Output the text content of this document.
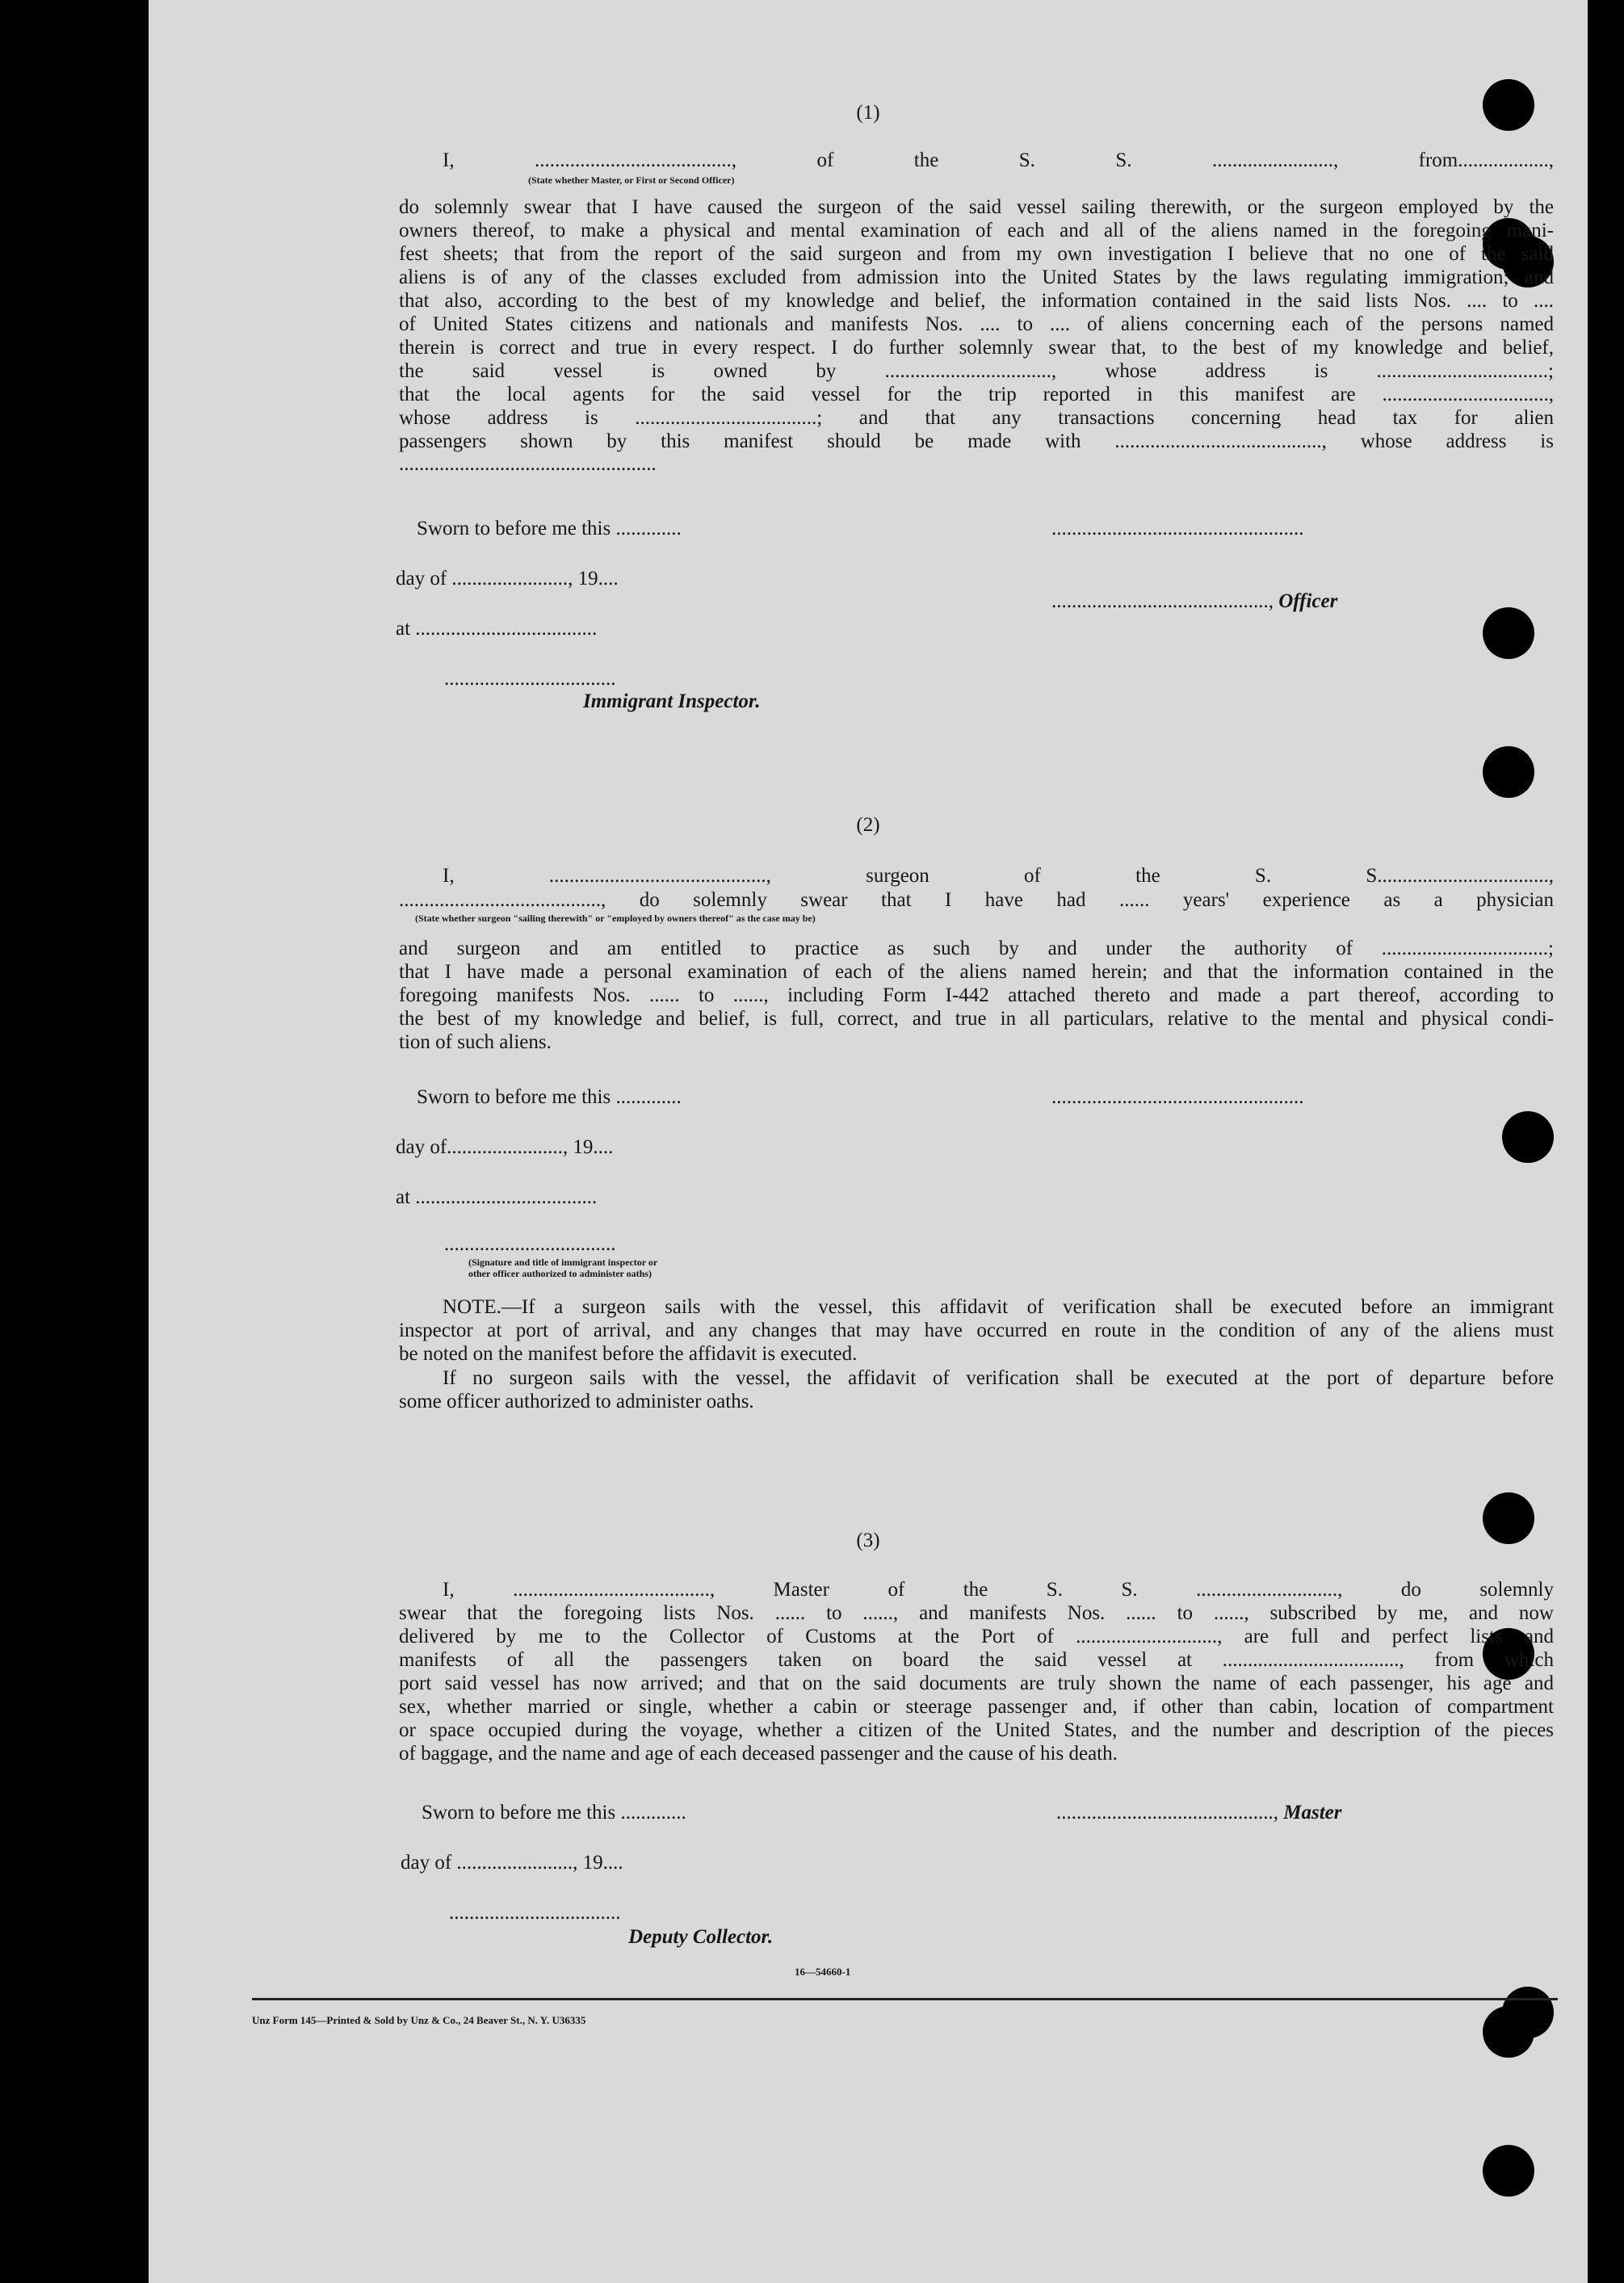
(1)
I, ......................................., of the S. S. ........................, from..................,
(State whether Master, or First or Second Officer)
do solemnly swear that I have caused the surgeon of the said vessel sailing therewith, or the surgeon employed by the
owners thereof, to make a physical and mental examination of each and all of the aliens named in the foregoing mani-
fest sheets; that from the report of the said surgeon and from my own investigation I believe that no one of the said
aliens is of any of the classes excluded from admission into the United States by the laws regulating immigration; and
that also, according to the best of my knowledge and belief, the information contained in the said lists Nos. .... to ....
of United States citizens and nationals and manifests Nos. .... to .... of aliens concerning each of the persons named
therein is correct and true in every respect. I do further solemnly swear that, to the best of my knowledge and belief,
the said vessel is owned by ................................., whose address is ..................................;
that the local agents for the said vessel for the trip reported in this manifest are .................................,
whose address is ....................................; and that any transactions concerning head tax for alien
passengers shown by this manifest should be made with ........................................., whose address is
...................................................
Sworn to before me this .............	..................................................
day of ......................., 19....
..........................................., Officer
at ....................................
..................................
Immigrant Inspector.
(2)
I, ..........................................., surgeon of the S. S..................................,
........................................, do solemnly swear that I have had ...... years' experience as a physician
(State whether surgeon "sailing therewith" or "employed by owners thereof" as the case may be)
and surgeon and am entitled to practice as such by and under the authority of .................................;
that I have made a personal examination of each of the aliens named herein; and that the information contained in the
foregoing manifests Nos. ...... to ......, including Form I-442 attached thereto and made a part thereof, according to
the best of my knowledge and belief, is full, correct, and true in all particulars, relative to the mental and physical condi-
tion of such aliens.
Sworn to before me this .............	..................................................
day of......................., 19....
at ....................................
..................................
(Signature and title of immigrant inspector or
other officer authorized to administer oaths)
NOTE.—If a surgeon sails with the vessel, this affidavit of verification shall be executed before an immigrant
inspector at port of arrival, and any changes that may have occurred en route in the condition of any of the aliens must
be noted on the manifest before the affidavit is executed.
If no surgeon sails with the vessel, the affidavit of verification shall be executed at the port of departure before
some officer authorized to administer oaths.
(3)
I, ......................................., Master of the S. S. ............................, do solemnly
swear that the foregoing lists Nos. ...... to ......, and manifests Nos. ...... to ......, subscribed by me, and now
delivered by me to the Collector of Customs at the Port of ............................, are full and perfect lists and
manifests of all the passengers taken on board the said vessel at ..................................., from which
port said vessel has now arrived; and that on the said documents are truly shown the name of each passenger, his age and
sex, whether married or single, whether a cabin or steerage passenger and, if other than cabin, location of compartment
or space occupied during the voyage, whether a citizen of the United States, and the number and description of the pieces
of baggage, and the name and age of each deceased passenger and the cause of his death.
Sworn to before me this .............	..........................................., Master
day of ......................., 19....
..................................
Deputy Collector.
16—54660-1
Unz Form 145—Printed & Sold by Unz & Co., 24 Beaver St., N. Y. U36335
